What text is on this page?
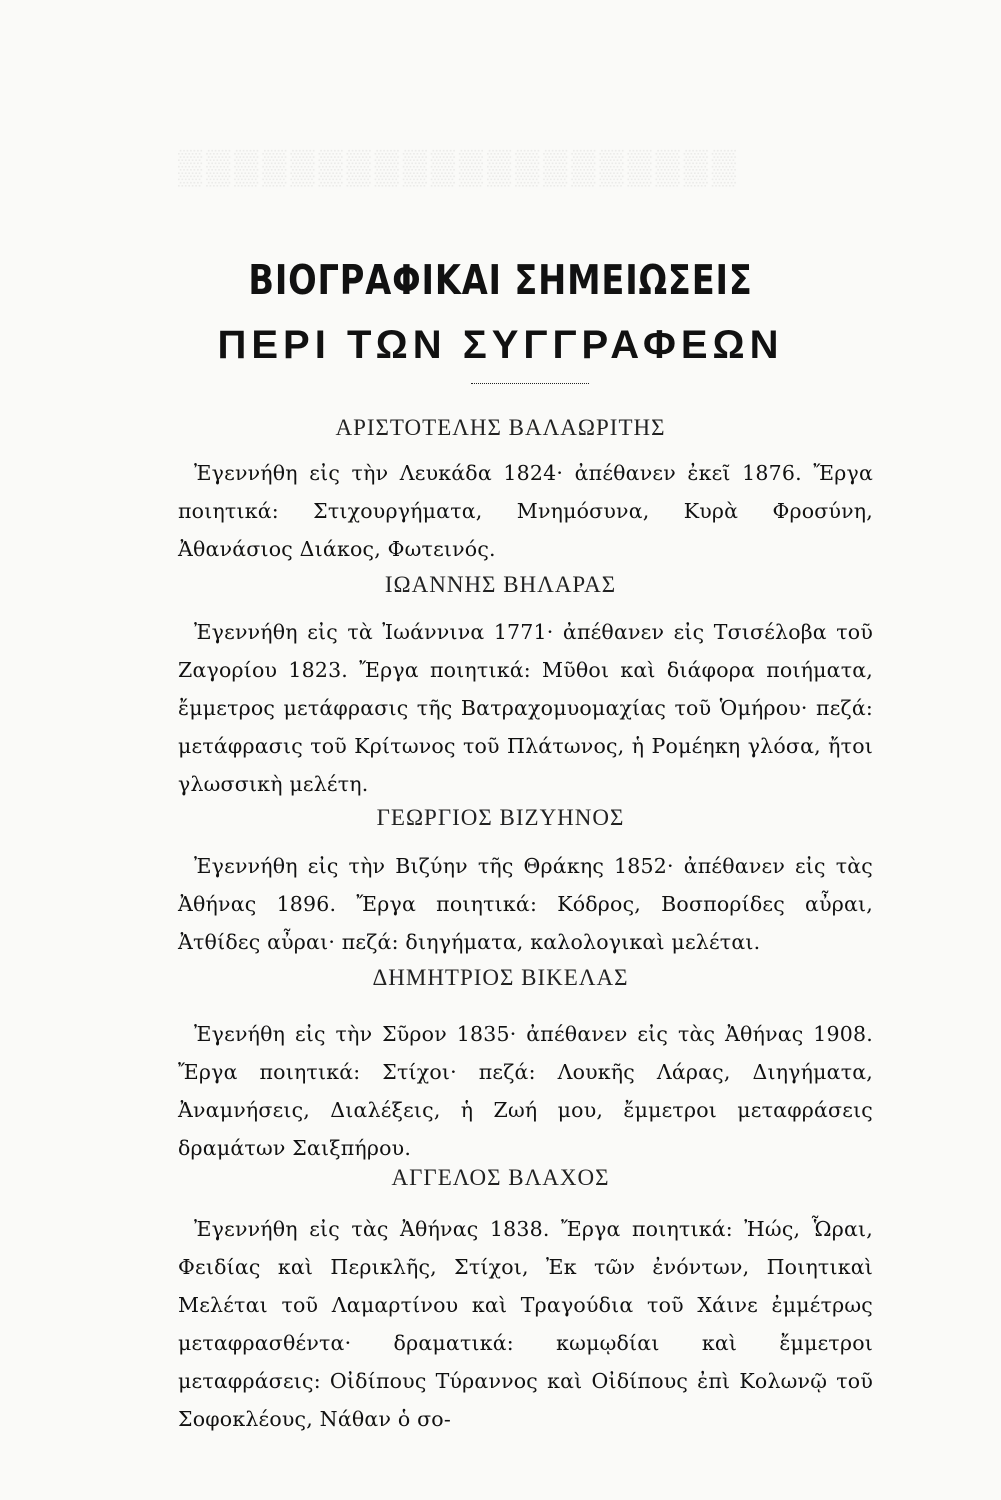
▒▒▒▒▒▒▒▒▒▒▒▒▒▒▒▒▒▒▒▒
ΒΙΟΓΡΑΦΙΚΑΙ ΣΗΜΕΙΩΣΕΙΣ
ΠΕΡΙ ΤΩΝ ΣΥΓΓΡΑΦΕΩΝ
ΑΡΙΣΤΟΤΕΛΗΣ ΒΑΛΑΩΡΙΤΗΣ
Ἐγεννήθη εἰς τὴν Λευκάδα 1824· ἀπέθανεν ἐκεῖ 1876. Ἔργα ποιητικά: Στιχουργήματα, Μνημόσυνα, Κυρὰ Φροσύνη, Ἀθανάσιος Διάκος, Φωτεινός.
ΙΩΑΝΝΗΣ ΒΗΛΑΡΑΣ
Ἐγεννήθη εἰς τὰ Ἰωάννινα 1771· ἀπέθανεν εἰς Τσισέλοβα τοῦ Ζαγορίου 1823. Ἔργα ποιητικά: Μῦθοι καὶ διάφορα ποιήματα, ἔμμετρος μετάφρασις τῆς Βατραχομυομαχίας τοῦ Ὁμήρου· πεζά: μετάφρασις τοῦ Κρίτωνος τοῦ Πλάτωνος, ἡ Ρομέηκη γλόσα, ἤτοι γλωσσικὴ μελέτη.
ΓΕΩΡΓΙΟΣ ΒΙΖΥΗΝΟΣ
Ἐγεννήθη εἰς τὴν Βιζύην τῆς Θράκης 1852· ἀπέθανεν εἰς τὰς Ἀθήνας 1896. Ἔργα ποιητικά: Κόδρος, Βοσπορίδες αὖραι, Ἀτθίδες αὖραι· πεζά: διηγήματα, καλολογικαὶ μελέται.
ΔΗΜΗΤΡΙΟΣ ΒΙΚΕΛΑΣ
Ἐγενήθη εἰς τὴν Σῦρον 1835· ἀπέθανεν εἰς τὰς Ἀθήνας 1908. Ἔργα ποιητικά: Στίχοι· πεζά: Λουκῆς Λάρας, Διηγήματα, Ἀναμνήσεις, Διαλέξεις, ἡ Ζωή μου, ἔμμετροι μεταφράσεις δραμάτων Σαιξπήρου.
ΑΓΓΕΛΟΣ ΒΛΑΧΟΣ
Ἐγεννήθη εἰς τὰς Ἀθήνας 1838. Ἔργα ποιητικά: Ἠώς, Ὧραι, Φειδίας καὶ Περικλῆς, Στίχοι, Ἐκ τῶν ἐνόντων, Ποιητικαὶ Μελέται τοῦ Λαμαρτίνου καὶ Τραγούδια τοῦ Χάινε ἐμμέτρως μεταφρασθέντα· δραματικά: κωμῳδίαι καὶ ἔμμετροι μεταφράσεις: Οἰδίπους Τύραννος καὶ Οἰδίπους ἐπὶ Κολωνῷ τοῦ Σοφοκλέους, Νάθαν ὁ σο-
